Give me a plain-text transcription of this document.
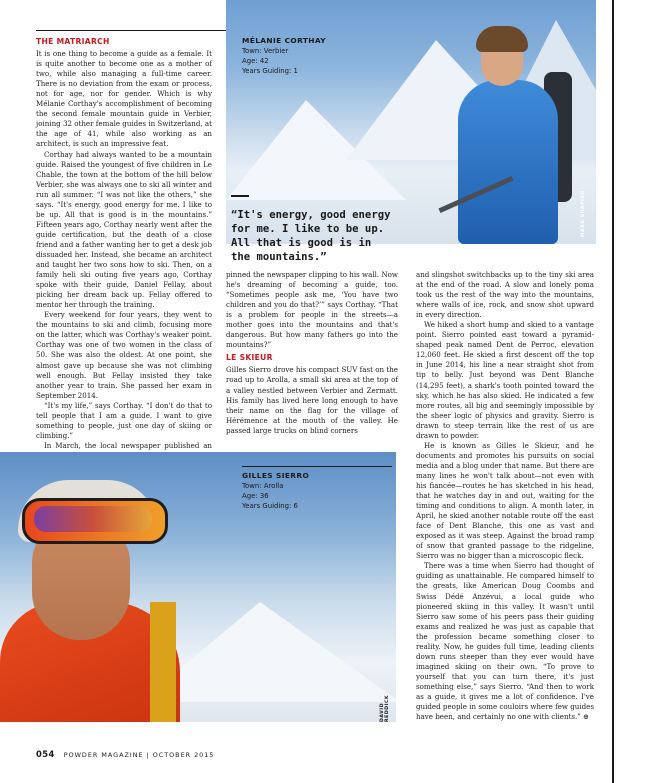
THE MATRIARCH

It is one thing to become a guide as a female. It is quite another to become one as a mother of two, while also managing a full-time career. There is no deviation from the exam or process, not for age, nor for gender. Which is why Mélanie Corthay's accomplishment of becoming the second female mountain guide in Verbier, joining 32 other female guides in Switzerland, at the age of 41, while also working as an architect, is such an impressive feat.

Corthay had always wanted to be a mountain guide. Raised the youngest of five children in Le Chable, the town at the bottom of the hill below Verbier, she was always one to ski all winter and run all summer. “I was not like the others,” she says. “It's energy, good energy for me. I like to be up. All that is good is in the mountains.” Fifteen years ago, Corthay nearly went after the guide certification, but the death of a close friend and a father wanting her to get a desk job dissuaded her. Instead, she became an architect and taught her two sons how to ski. Then, on a family heli ski outing five years ago, Corthay spoke with their guide, Daniel Fellay, about picking her dream back up. Fellay offered to mentor her through the training.

Every weekend for four years, they went to the mountains to ski and climb, focusing more on the latter, which was Corthay's weaker point. Corthay was one of two women in the class of 50. She was also the oldest. At one point, she almost gave up because she was not climbing well enough. But Fellay insisted they take another year to train. She passed her exam in September 2014.

“It's my life,” says Corthay. “I don't do that to tell people that I am a guide. I want to give something to people, just one day of skiing or climbing.”

In March, the local newspaper published an

MARK SHAPIRO
MÉLANIE CORTHAY
Town: Verbier
Age: 42
Years Guiding: 1
“It's energy, good energy for me. I like to be up. All that is good is in the mountains.”

pinned the newspaper clipping to his wall. Now he's dreaming of becoming a guide, too. “Sometimes people ask me, ‘You have two children and you do that?’” says Corthay. “That is a problem for people in the streets—a mother goes into the mountains and that's dangerous. But how many fathers go into the mountains?”

LE SKIEUR

Gilles Sierro drove his compact SUV fast on the road up to Arolla, a small ski area at the top of a valley nestled between Verbier and Zermatt. His family has lived here long enough to have their name on the flag for the village of Hérémence at the mouth of the valley. He passed large trucks on blind corners

and slingshot switchbacks up to the tiny ski area at the end of the road. A slow and lonely poma took us the rest of the way into the mountains, where walls of ice, rock, and snow shot upward in every direction.

We hiked a short hump and skied to a vantage point. Sierro pointed east toward a pyramid-shaped peak named Dent de Perroc, elevation 12,060 feet. He skied a first descent off the top in June 2014, his line a near straight shot from tip to belly. Just beyond was Dent Blanche (14,295 feet), a shark's tooth pointed toward the sky, which he has also skied. He indicated a few more routes, all big and seemingly impossible by the sheer logic of physics and gravity. Sierro is drawn to steep terrain like the rest of us are drawn to powder.

He is known as Gilles le Skieur, and he documents and promotes his pursuits on social media and a blog under that name. But there are many lines he won't talk about—not even with his fiancée—routes he has sketched in his head, that he watches day in and out, waiting for the timing and conditions to align. A month later, in April, he skied another notable route off the east face of Dent Blanche, this one as vast and exposed as it was steep. Against the broad ramp of snow that granted passage to the ridgeline, Sierro was no bigger than a microscopic fleck.

There was a time when Sierro had thought of guiding as unattainable. He compared himself to the greats, like American Doug Coombs and Swiss Dédé Anzévui, a local guide who pioneered skiing in this valley. It wasn't until Sierro saw some of his peers pass their guiding exams and realized he was just as capable that the profession became something closer to reality. Now, he guides full time, leading clients down runs steeper than they ever would have imagined skiing on their own. “To prove to yourself that you can turn there, it's just something else,” says Sierro. “And then to work as a guide, it gives me a lot of confidence. I've guided people in some couloirs where few guides have been, and certainly no one with clients.” ⊕

DAVID REDDICK
GILLES SIERRO
Town: Arolla
Age: 36
Years Guiding: 6
054 POWDER MAGAZINE | OCTOBER 2015
